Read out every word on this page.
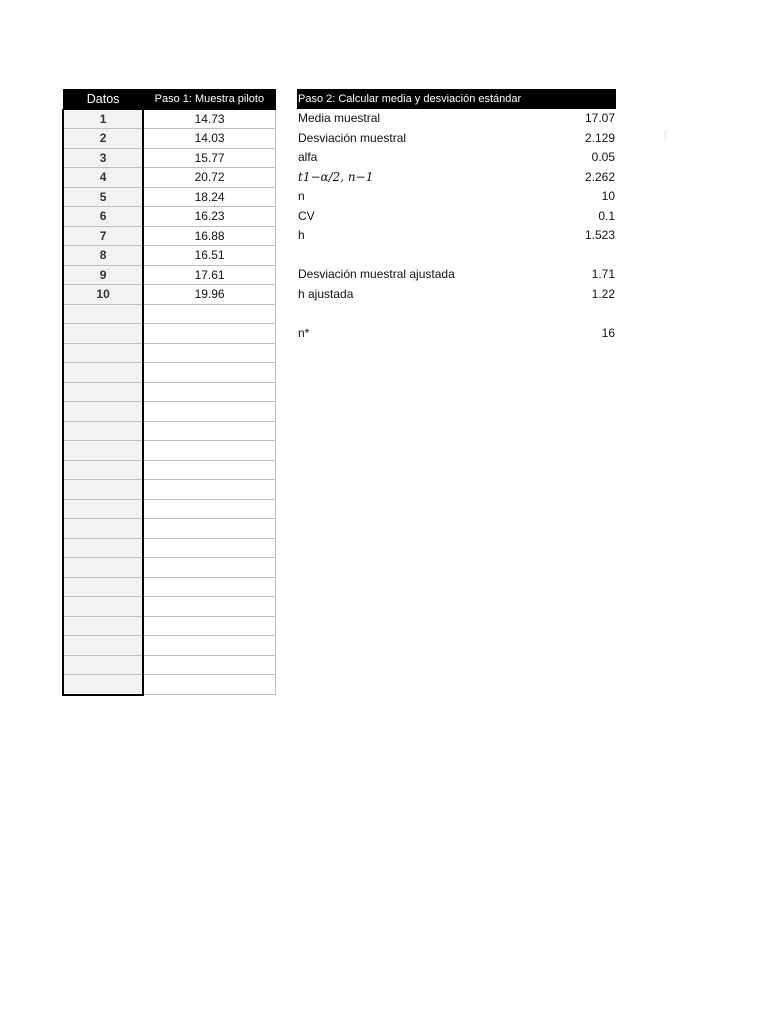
Datos	Paso 1: Muestra piloto
1	14.73
2	14.03
3	15.77
4	20.72
5	18.24
6	16.23
7	16.88
8	16.51
9	17.61
10	19.96

Paso 2: Calcular media y desviación estándar
Media muestral	17.07
Desviación muestral	2.129
alfa	0.05
𝑡1−𝛼/2, 𝑛−1	2.262
n	10
CV	0.1
h	1.523
Desviación muestral ajustada	1.71
h ajustada	1.22
n*	16
